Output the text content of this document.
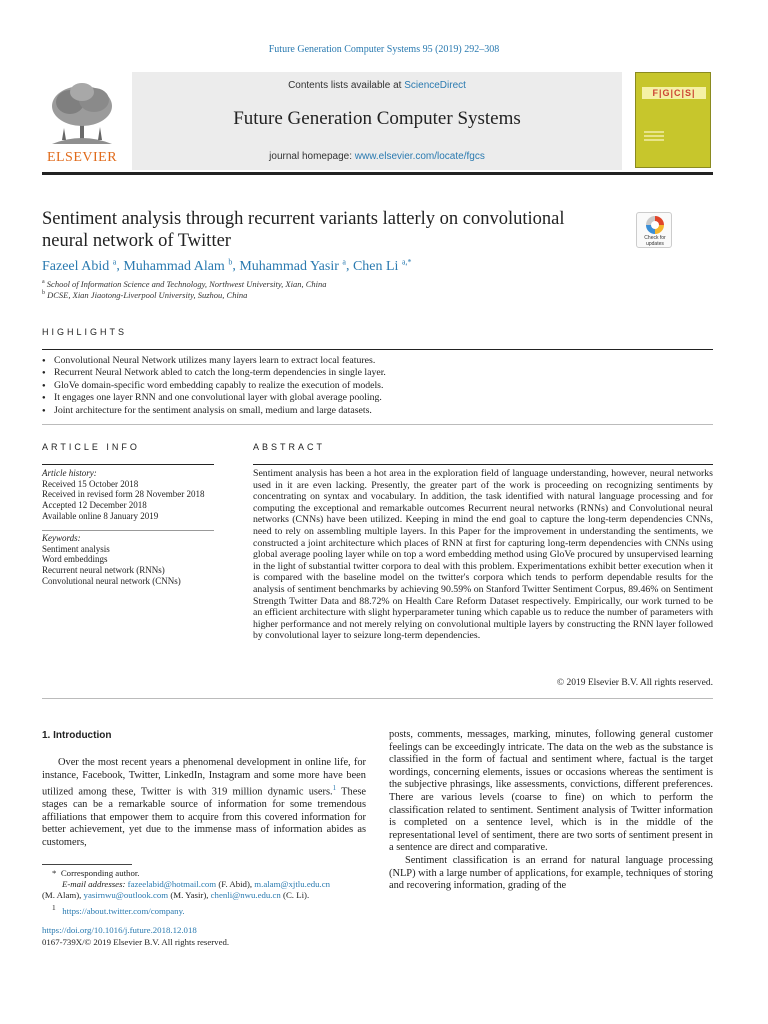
Future Generation Computer Systems 95 (2019) 292–308
ELSEVIER
Contents lists available at ScienceDirect
Future Generation Computer Systems
journal homepage: www.elsevier.com/locate/fgcs
F|G|C|S|
Sentiment analysis through recurrent variants latterly on convolutional neural network of Twitter	Check for updates
Fazeel Abid $^a$, Muhammad Alam $^b$, Muhammad Yasir $^a$, Chen Li $^{a,*}$
$^a$ School of Information Science and Technology, Northwest University, Xian, China
$^b$ DCSE, Xian Jiaotong-Liverpool University, Suzhou, China
HIGHLIGHTS
● Convolutional Neural Network utilizes many layers learn to extract local features.
● Recurrent Neural Network abled to catch the long-term dependencies in single layer.
● GloVe domain-specific word embedding capably to realize the execution of models.
● It engages one layer RNN and one convolutional layer with global average pooling.
● Joint architecture for the sentiment analysis on small, medium and large datasets.
ARTICLE INFO
Article history:
Received 15 October 2018
Received in revised form 28 November 2018
Accepted 12 December 2018
Available online 8 January 2019
Keywords:
Sentiment analysis
Word embeddings
Recurrent neural network (RNNs)
Convolutional neural network (CNNs)
ABSTRACT
Sentiment analysis has been a hot area in the exploration field of language understanding, however, neural networks used in it are even lacking. Presently, the greater part of the work is proceeding on recognizing sentiments by concentrating on syntax and vocabulary. In addition, the task identified with natural language processing and for computing the exceptional and remarkable outcomes Recurrent neural networks (RNNs) and Convolutional neural networks (CNNs) have been utilized. Keeping in mind the end goal to capture the long-term dependencies CNNs, need to rely on assembling multiple layers. In this Paper for the improvement in understanding the sentiments, we constructed a joint architecture which places of RNN at first for capturing long-term dependencies with CNNs using global average pooling layer while on top a word embedding method using GloVe procured by unsupervised learning in the light of substantial twitter corpora to deal with this problem. Experimentations exhibit better execution when it is compared with the baseline model on the twitter's corpora which tends to perform dependable results for the analysis of sentiment benchmarks by achieving 90.59% on Stanford Twitter Sentiment Corpus, 89.46% on Sentiment Strength Twitter Data and 88.72% on Health Care Reform Dataset respectively. Empirically, our work turned to be an efficient architecture with slight hyperparameter tuning which capable us to reduce the number of parameters with higher performance and not merely relying on convolutional multiple layers by constructing the RNN layer followed by convolutional layer to seizure long-term dependencies.
© 2019 Elsevier B.V. All rights reserved.
1. Introduction
Over the most recent years a phenomenal development in online life, for instance, Facebook, Twitter, LinkedIn, Instagram and some more have been utilized among these, Twitter is with 319 million dynamic users.$^1$ These stages can be a remarkable source of information for some tremendous affiliations that empower them to acquire from this covered information for better achievement, yet due to the immense mass of information abides as customers,

posts, comments, messages, marking, minutes, following general customer feelings can be exceedingly intricate. The data on the web as the substance is classified in the form of factual and sentiment where, factual is the target wordings, concerning elements, issues or occasions whereas the sentiment is the subjective phrasings, like assessments, convictions, different preferences. There are various levels (coarse to fine) on which to perform the classification related to sentiment. Sentiment analysis of Twitter information is completed on a sentence level, which is in the middle of the representational level of sentiment, there are two sorts of sentiment present in a sentence are direct and comparative.

Sentiment classification is an errand for natural language processing (NLP) with a large number of applications, for example, techniques of storing and recovering information, grading of the

* Corresponding author.
E-mail addresses: fazeelabid@hotmail.com (F. Abid), m.alam@xjtlu.edu.cn
(M. Alam), yasirnwu@outlook.com (M. Yasir), chenli@nwu.edu.cn (C. Li).
$^1$ https://about.twitter.com/company.
https://doi.org/10.1016/j.future.2018.12.018
0167-739X/© 2019 Elsevier B.V. All rights reserved.
